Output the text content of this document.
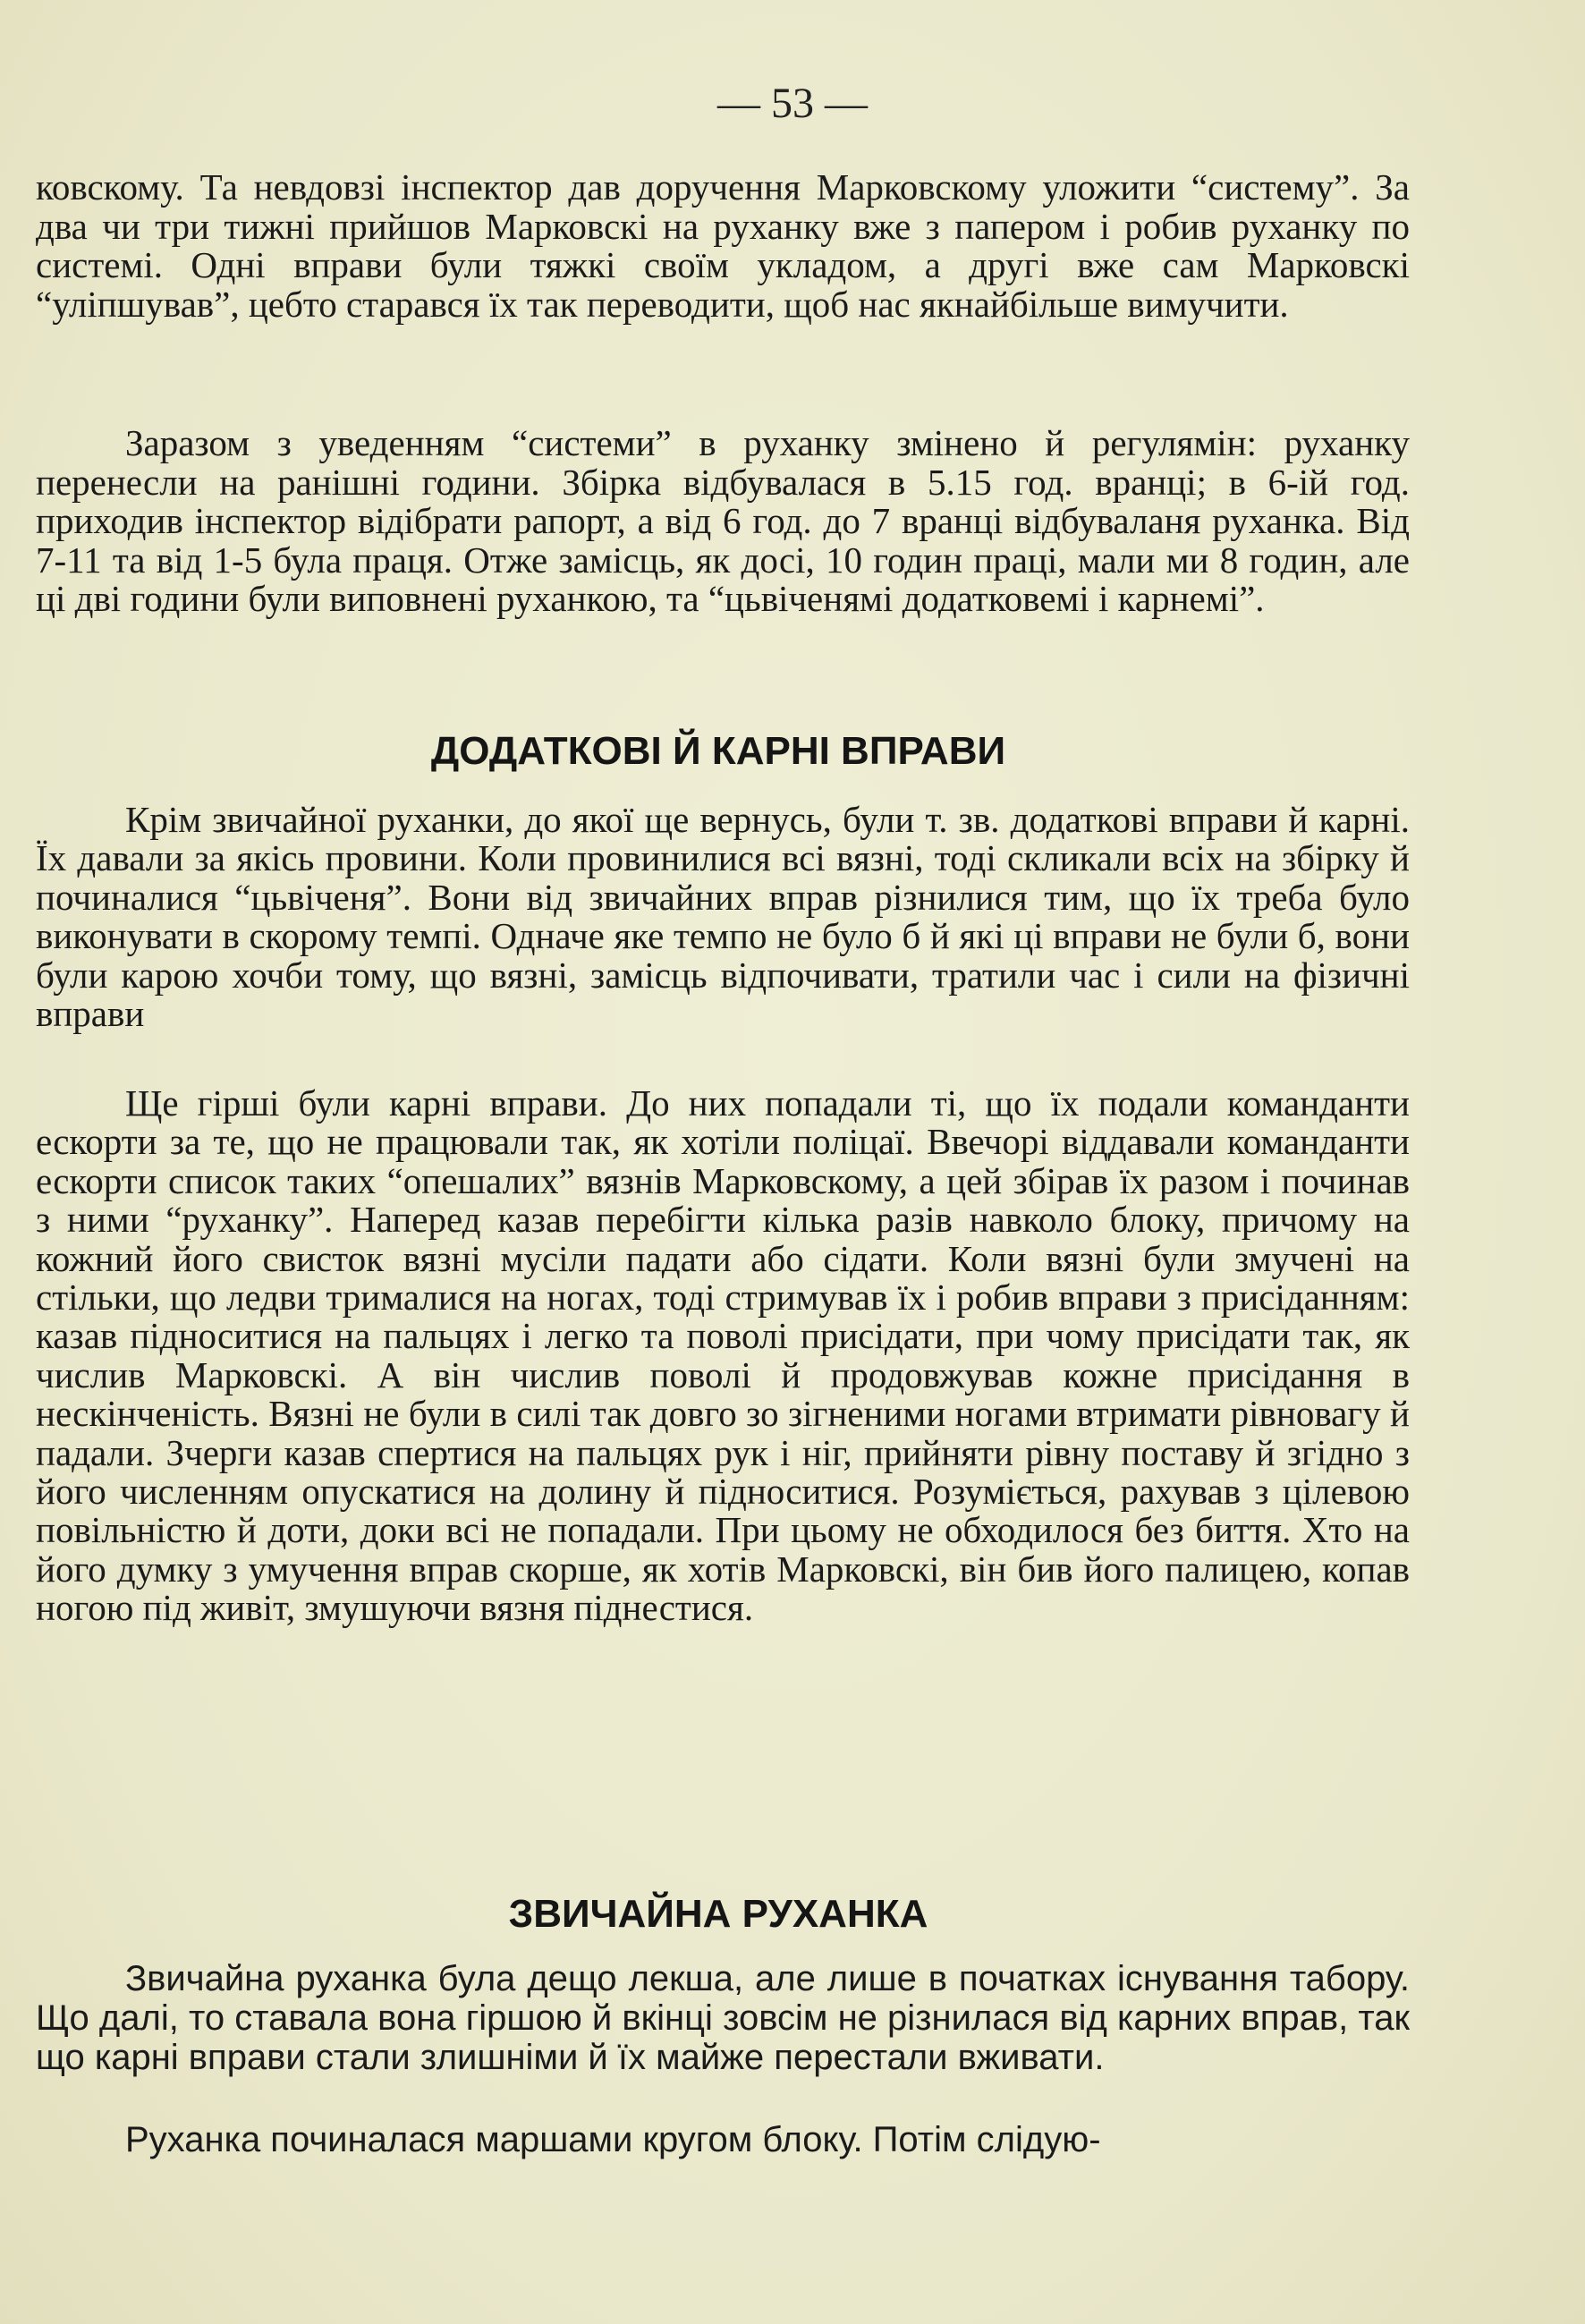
— 53 —

ковскому. Та невдовзі інспектор дав доручення Марковскому уложити “систему”. За два чи три тижні прийшов Марковскі на руханку вже з папером і робив руханку по системі. Одні вправи були тяжкі своїм укладом, а другі вже сам Марковскі “уліпшував”, цебто старався їх так переводити, щоб нас якнайбільше вимучити.

Заразом з уведенням “системи” в руханку змінено й регулямін: руханку перенесли на ранішні години. Збірка відбувалася в 5.15 год. вранці; в 6-ій год. приходив інспектор відібрати рапорт, а від 6 год. до 7 вранці відбуваланя руханка. Від 7-11 та від 1-5 була праця. Отже замісць, як досі, 10 годин праці, мали ми 8 годин, але ці дві години були виповнені руханкою, та “цьвіченямі додатковемі і карнемі”.

ДОДАТКОВІ Й КАРНІ ВПРАВИ

Крім звичайної руханки, до якої ще вернусь, були т. зв. додаткові вправи й карні. Їх давали за якісь провини. Коли провинилися всі вязні, тоді скликали всіх на збірку й починалися “цьвіченя”. Вони від звичайних вправ різнилися тим, що їх треба було виконувати в скорому темпі. Одначе яке темпо не було б й які ці вправи не були б, вони були карою хочби тому, що вязні, замісць відпочивати, тратили час і сили на фізичні вправи

Ще гірші були карні вправи. До них попадали ті, що їх подали команданти ескорти за те, що не працювали так, як хотіли поліцаї. Ввечорі віддавали команданти ескорти список таких “опешалих” вязнів Марковскому, а цей збірав їх разом і починав з ними “руханку”. Наперед казав перебігти кілька разів навколо блоку, причому на кожний його свисток вязні мусіли падати або сідати. Коли вязні були змучені на стільки, що ледви трималися на ногах, тоді стримував їх і робив вправи з присіданням: казав підноситися на пальцях і легко та поволі присідати, при чому присідати так, як числив Марковскі. А він числив поволі й продовжував кожне присідання в нескінченість. Вязні не були в силі так довго зо зігненими ногами втримати рівновагу й падали. Зчерги казав спертися на пальцях рук і ніг, прийняти рівну поставу й згідно з його численням опускатися на долину й підноситися. Розуміється, рахував з цілевою повільністю й доти, доки всі не попадали. При цьому не обходилося без биття. Хто на його думку з умучення вправ скорше, як хотів Марковскі, він бив його палицею, копав ногою під живіт, змушуючи вязня піднестися.

ЗВИЧАЙНА РУХАНКА

Звичайна руханка була дещо лекша, але лише в початках існування табору. Що далі, то ставала вона гіршою й вкінці зовсім не різнилася від карних вправ, так що карні вправи стали злишніми й їх майже перестали вживати.

Руханка починалася маршами кругом блоку. Потім слідую-
